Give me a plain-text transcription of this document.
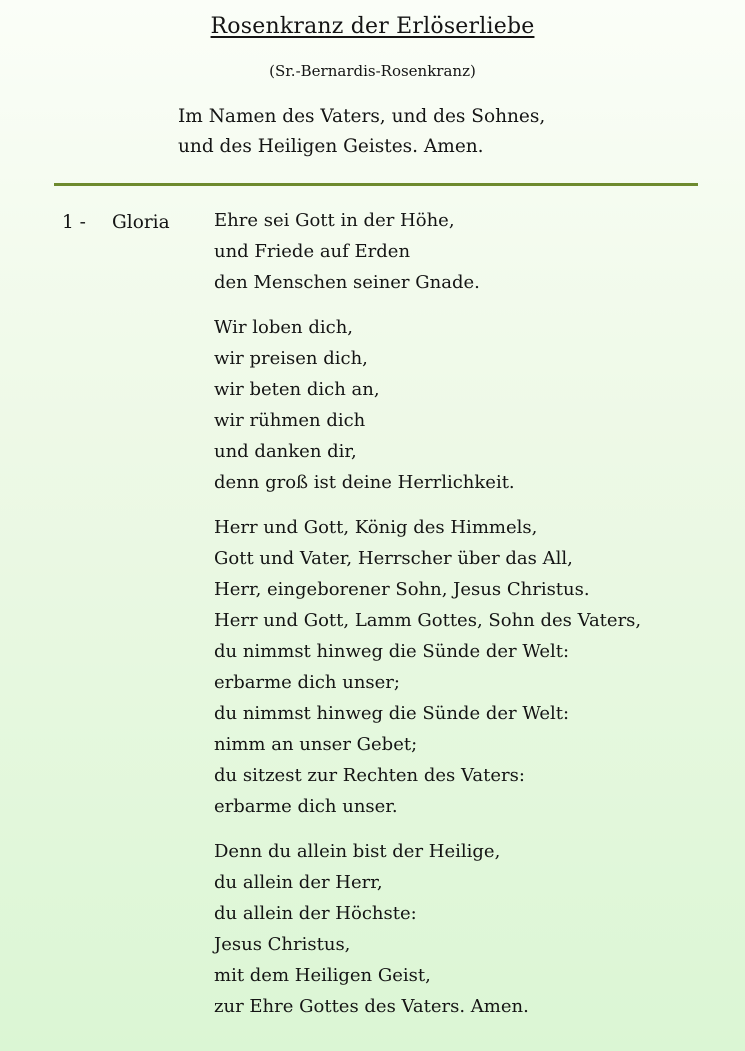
Rosenkranz der Erlöserliebe
(Sr.-Bernardis-Rosenkranz)
Im Namen des Vaters, und des Sohnes,
und des Heiligen Geistes. Amen.
1 - Gloria Ehre sei Gott in der Höhe,
und Friede auf Erden
den Menschen seiner Gnade.
Wir loben dich,
wir preisen dich,
wir beten dich an,
wir rühmen dich
und danken dir,
denn groß ist deine Herrlichkeit.
Herr und Gott, König des Himmels,
Gott und Vater, Herrscher über das All,
Herr, eingeborener Sohn, Jesus Christus.
Herr und Gott, Lamm Gottes, Sohn des Vaters,
du nimmst hinweg die Sünde der Welt:
erbarme dich unser;
du nimmst hinweg die Sünde der Welt:
nimm an unser Gebet;
du sitzest zur Rechten des Vaters:
erbarme dich unser.
Denn du allein bist der Heilige,
du allein der Herr,
du allein der Höchste:
Jesus Christus,
mit dem Heiligen Geist,
zur Ehre Gottes des Vaters. Amen.
